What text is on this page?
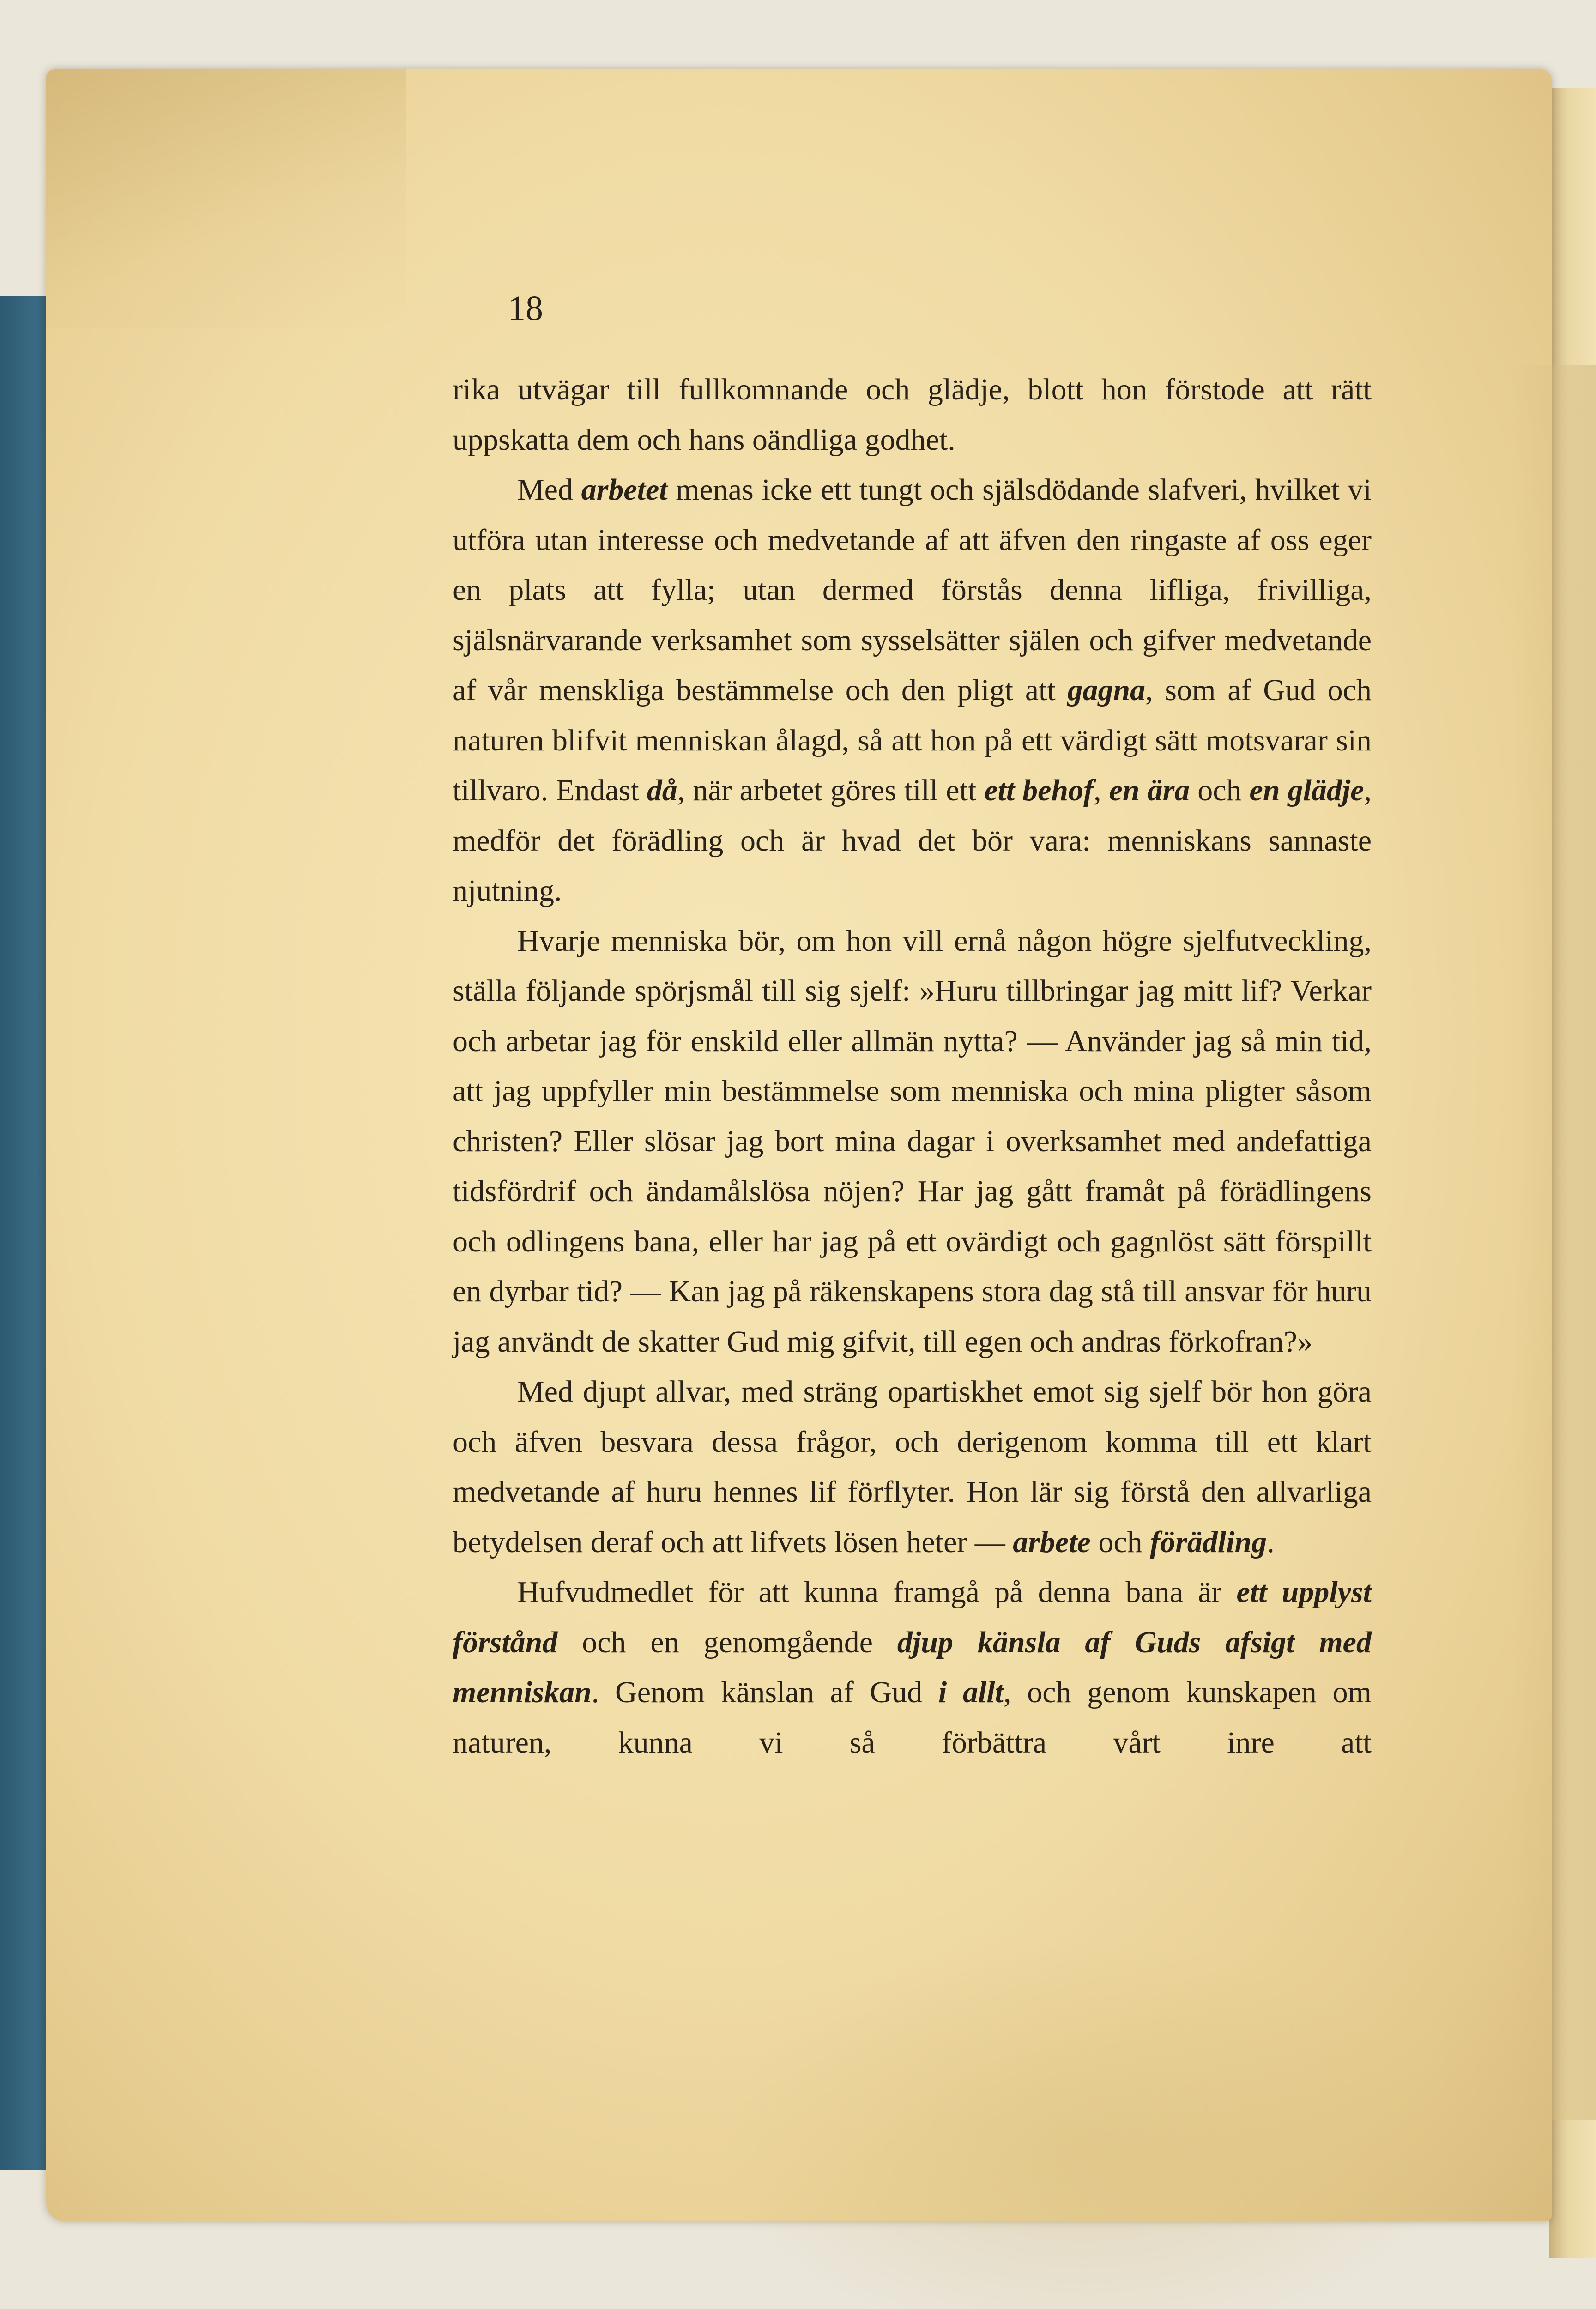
18

rika utvägar till fullkomnande och glädje, blott hon förstode att rätt uppskatta dem och hans oändliga godhet.

Med arbetet menas icke ett tungt och själsdödande slafveri, hvilket vi utföra utan interesse och medvetande af att äfven den ringaste af oss eger en plats att fylla; utan dermed förstås denna lifliga, frivilliga, själsnärvarande verksamhet som sysselsätter själen och gifver medvetande af vår menskliga bestämmelse och den pligt att gagna, som af Gud och naturen blifvit menniskan ålagd, så att hon på ett värdigt sätt motsvarar sin tillvaro. Endast då, när arbetet göres till ett ett behof, en ära och en glädje, medför det förädling och är hvad det bör vara: menniskans sannaste njutning.

Hvarje menniska bör, om hon vill ernå någon högre sjelfutveckling, ställa följande spörjsmål till sig sjelf: »Huru tillbringar jag mitt lif? Verkar och arbetar jag för enskild eller allmän nytta? — Använder jag så min tid, att jag uppfyller min bestämmelse som menniska och mina pligter såsom christen? Eller slösar jag bort mina dagar i overksamhet med andefattiga tidsfördrif och ändamålslösa nöjen? Har jag gått framåt på förädlingens och odlingens bana, eller har jag på ett ovärdigt och gagnlöst sätt förspillt en dyrbar tid? — Kan jag på räkenskapens stora dag stå till ansvar för huru jag användt de skatter Gud mig gifvit, till egen och andras förkofran?»

Med djupt allvar, med sträng opartiskhet emot sig sjelf bör hon göra och äfven besvara dessa frågor, och derigenom komma till ett klart medvetande af huru hennes lif förflyter. Hon lär sig förstå den allvarliga betydelsen deraf och att lifvets lösen heter — arbete och förädling.

Hufvudmedlet för att kunna framgå på denna bana är ett upplyst förstånd och en genomgående djup känsla af Guds afsigt med menniskan. Genom känslan af Gud i allt, och genom kunskapen om naturen, kunna vi så förbättra vårt inre att
